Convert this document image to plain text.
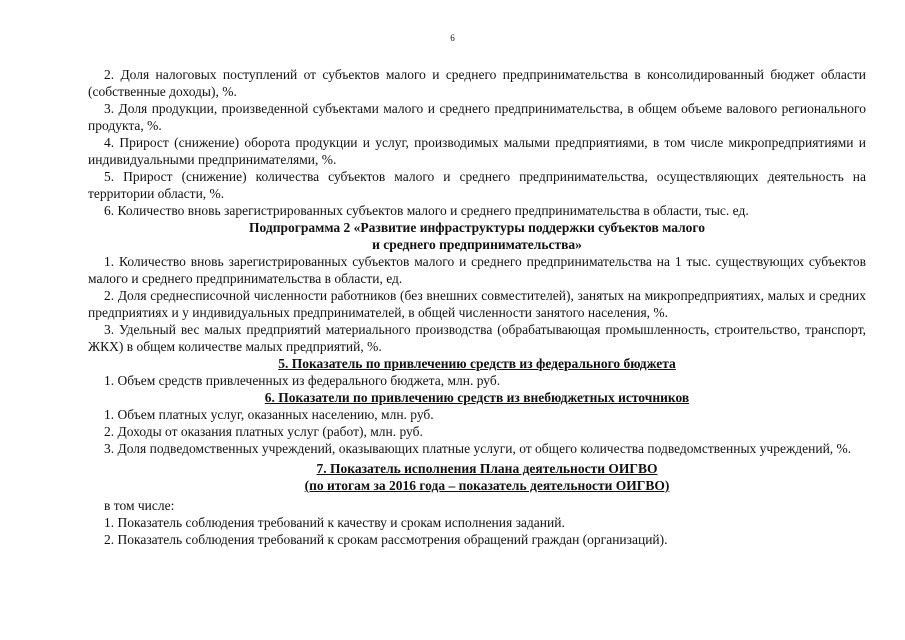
6

2. Доля налоговых поступлений от субъектов малого и среднего предпринимательства в консолидированный бюджет области (собственные доходы), %.

3. Доля продукции, произведенной субъектами малого и среднего предпринимательства, в общем объеме валового регионального продукта, %.

4. Прирост (снижение) оборота продукции и услуг, производимых малыми предприятиями, в том числе микропредприятиями и индивидуальными предпринимателями, %.

5. Прирост (снижение) количества субъектов малого и среднего предпринимательства, осуществляющих деятельность на территории области, %.

6. Количество вновь зарегистрированных субъектов малого и среднего предпринимательства в области, тыс. ед.

Подпрограмма 2 «Развитие инфраструктуры поддержки субъектов малого

и среднего предпринимательства»

1. Количество вновь зарегистрированных субъектов малого и среднего предпринимательства на 1 тыс. существующих субъектов малого и среднего предпринимательства в области, ед.

2. Доля среднесписочной численности работников (без внешних совместителей), занятых на микропредприятиях, малых и средних предприятиях и у индивидуальных предпринимателей, в общей численности занятого населения, %.

3. Удельный вес малых предприятий материального производства (обрабатывающая промышленность, строительство, транспорт, ЖКХ) в общем количестве малых предприятий, %.

5. Показатель по привлечению средств из федерального бюджета

1. Объем средств привлеченных из федерального бюджета, млн. руб.

6. Показатели по привлечению средств из внебюджетных источников

1. Объем платных услуг, оказанных населению, млн. руб.

2. Доходы от оказания платных услуг (работ), млн. руб.

3. Доля подведомственных учреждений, оказывающих платные услуги, от общего количества подведомственных учреждений, %.

7. Показатель исполнения Плана деятельности ОИГВО

(по итогам за 2016 года – показатель деятельности ОИГВО)

в том числе:

1. Показатель соблюдения требований к качеству и срокам исполнения заданий.

2. Показатель соблюдения требований к срокам рассмотрения обращений граждан (организаций).
